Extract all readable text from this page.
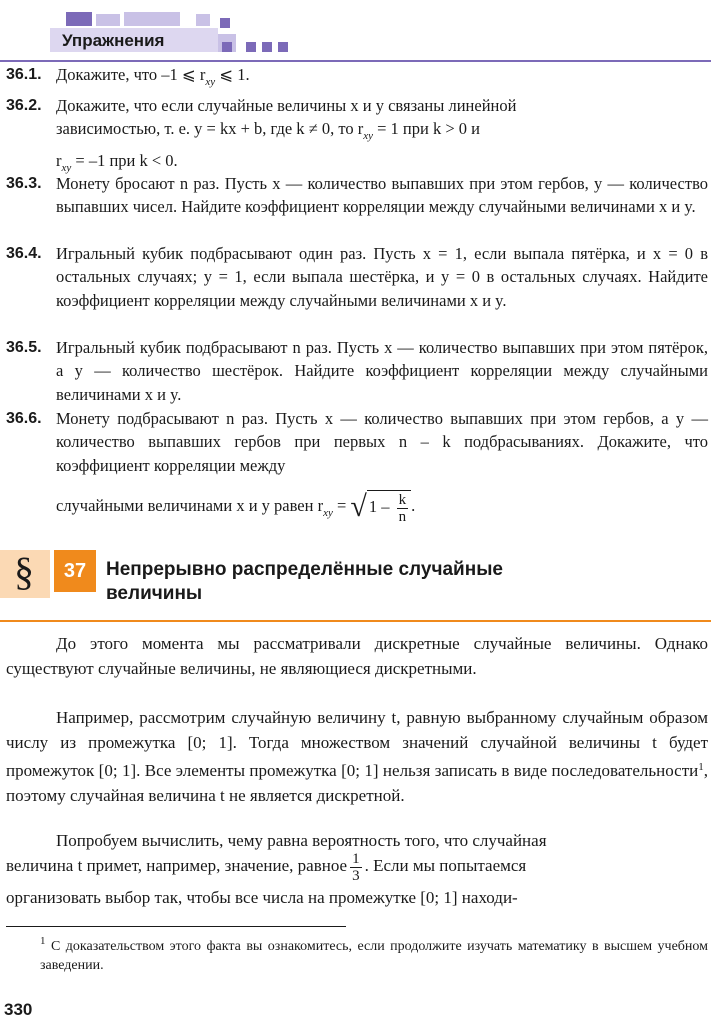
Упражнения
36.1. Докажите, что –1 ⩽ $r_{xy}$ ⩽ 1.
36.2. Докажите, что если случайные величины x и y связаны линейной
зависимостью, т. е. y = kx + b, где k ≠ 0, то $r_{xy} = 1$ при k > 0 и
$r_{xy} = -1$ при k < 0.
36.3. Монету бросают n раз. Пусть x — количество выпавших при этом гербов, y — количество выпавших чисел. Найдите коэффициент корреляции между случайными величинами x и y.
36.4. Игральный кубик подбрасывают один раз. Пусть x = 1, если выпала пятёрка, и x = 0 в остальных случаях; y = 1, если выпала шестёрка, и y = 0 в остальных случаях. Найдите коэффициент корреляции между случайными величинами x и y.
36.5. Игральный кубик подбрасывают n раз. Пусть x — количество выпавших при этом пятёрок, а y — количество шестёрок. Найдите коэффициент корреляции между случайными величинами x и y.
36.6. Монету подбрасывают n раз. Пусть x — количество выпавших при этом гербов, а y — количество выпавших гербов при первых n – k подбрасываниях. Докажите, что коэффициент корреляции между
случайными величинами x и y равен $r_{xy}$ = √ $1 - \frac{k}{n}$ .
§	37	Непрерывно распределённые случайные
величины
До этого момента мы рассматривали дискретные случайные величины. Однако существуют случайные величины, не являющиеся дискретными.
Например, рассмотрим случайную величину t, равную выбранному случайным образом числу из промежутка [0; 1]. Тогда множеством значений случайной величины t будет промежуток [0; 1]. Все элементы промежутка [0; 1] нельзя записать в виде последовательности$^1$, поэтому случайная величина t не является дискретной.
Попробуем вычислить, чему равна вероятность того, что случайная
величина t примет, например, значение, равное $\frac{1}{3}$ . Если мы попытаемся
организовать выбор так, чтобы все числа на промежутке [0; 1] находи-
$^1$ С доказательством этого факта вы ознакомитесь, если продолжите изучать математику в высшем учебном заведении.
330
